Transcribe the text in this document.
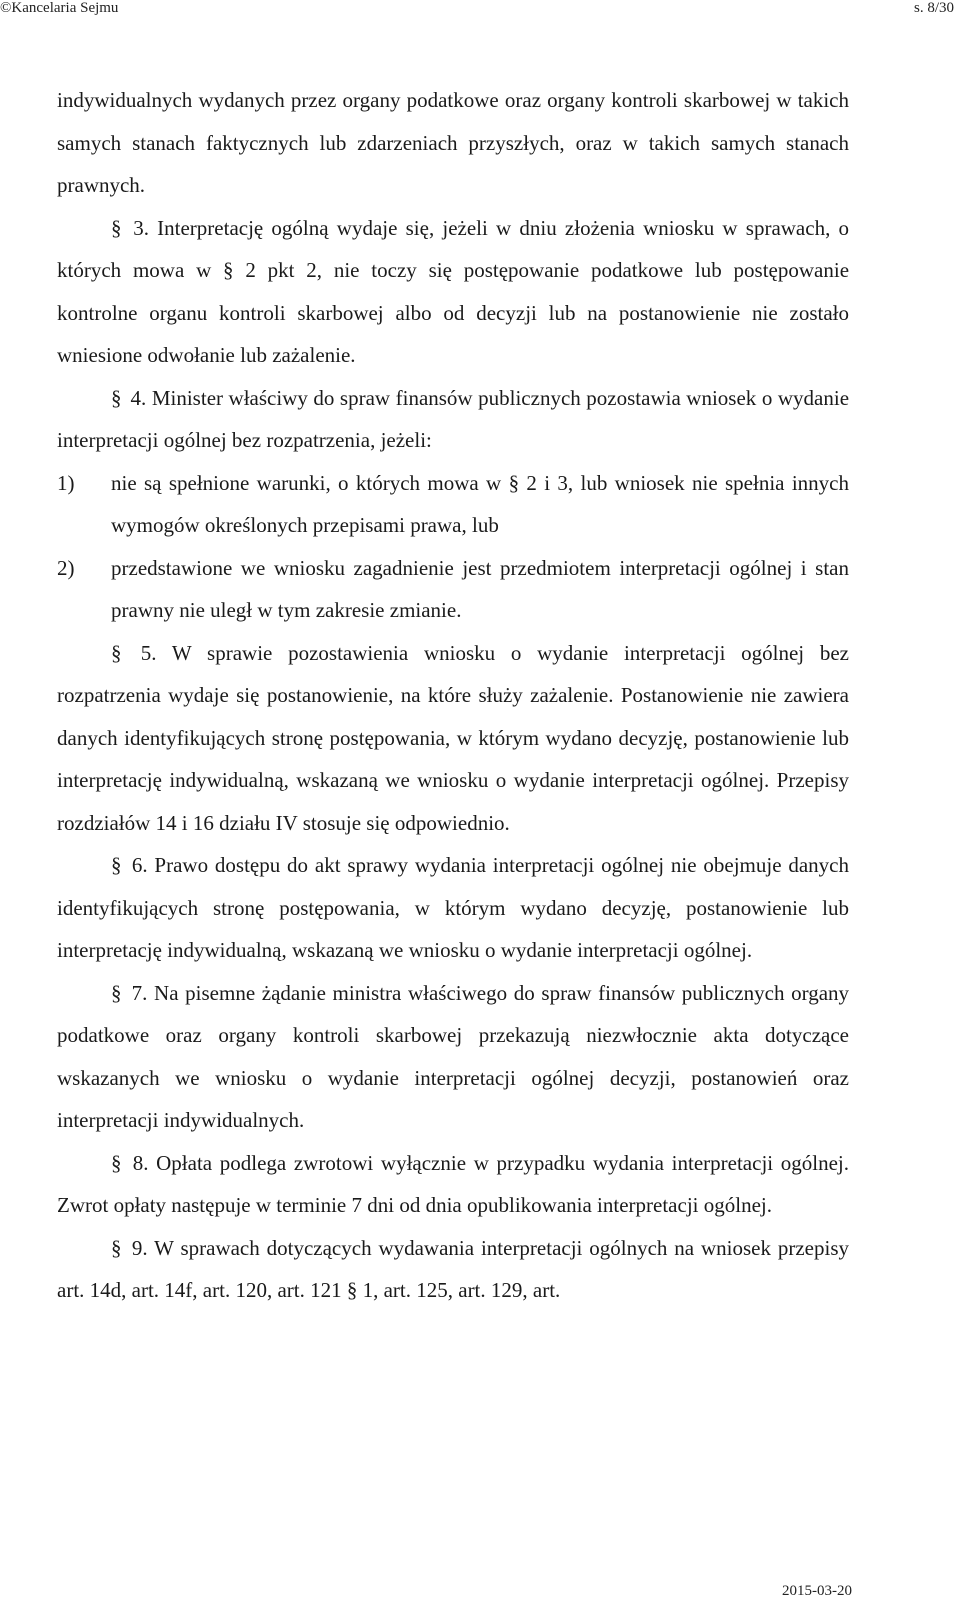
©Kancelaria Sejmu	s. 8/30

indywidualnych wydanych przez organy podatkowe oraz organy kontroli skarbowej w takich samych stanach faktycznych lub zdarzeniach przyszłych, oraz w takich samych stanach prawnych.

§ 3. Interpretację ogólną wydaje się, jeżeli w dniu złożenia wniosku w sprawach, o których mowa w § 2 pkt 2, nie toczy się postępowanie podatkowe lub postępowanie kontrolne organu kontroli skarbowej albo od decyzji lub na postanowienie nie zostało wniesione odwołanie lub zażalenie.

§ 4. Minister właściwy do spraw finansów publicznych pozostawia wniosek o wydanie interpretacji ogólnej bez rozpatrzenia, jeżeli:

1)	nie są spełnione warunki, o których mowa w § 2 i 3, lub wniosek nie spełnia innych wymogów określonych przepisami prawa, lub
2)	przedstawione we wniosku zagadnienie jest przedmiotem interpretacji ogólnej i stan prawny nie uległ w tym zakresie zmianie.

§ 5. W sprawie pozostawienia wniosku o wydanie interpretacji ogólnej bez rozpatrzenia wydaje się postanowienie, na które służy zażalenie. Postanowienie nie zawiera danych identyfikujących stronę postępowania, w którym wydano decyzję, postanowienie lub interpretację indywidualną, wskazaną we wniosku o wydanie interpretacji ogólnej. Przepisy rozdziałów 14 i 16 działu IV stosuje się odpowiednio.

§ 6. Prawo dostępu do akt sprawy wydania interpretacji ogólnej nie obejmuje danych identyfikujących stronę postępowania, w którym wydano decyzję, postanowienie lub interpretację indywidualną, wskazaną we wniosku o wydanie interpretacji ogólnej.

§ 7. Na pisemne żądanie ministra właściwego do spraw finansów publicznych organy podatkowe oraz organy kontroli skarbowej przekazują niezwłocznie akta dotyczące wskazanych we wniosku o wydanie interpretacji ogólnej decyzji, postanowień oraz interpretacji indywidualnych.

§ 8. Opłata podlega zwrotowi wyłącznie w przypadku wydania interpretacji ogólnej. Zwrot opłaty następuje w terminie 7 dni od dnia opublikowania interpretacji ogólnej.

§ 9. W sprawach dotyczących wydawania interpretacji ogólnych na wniosek przepisy art. 14d, art. 14f, art. 120, art. 121 § 1, art. 125, art. 129, art.

2015-03-20
